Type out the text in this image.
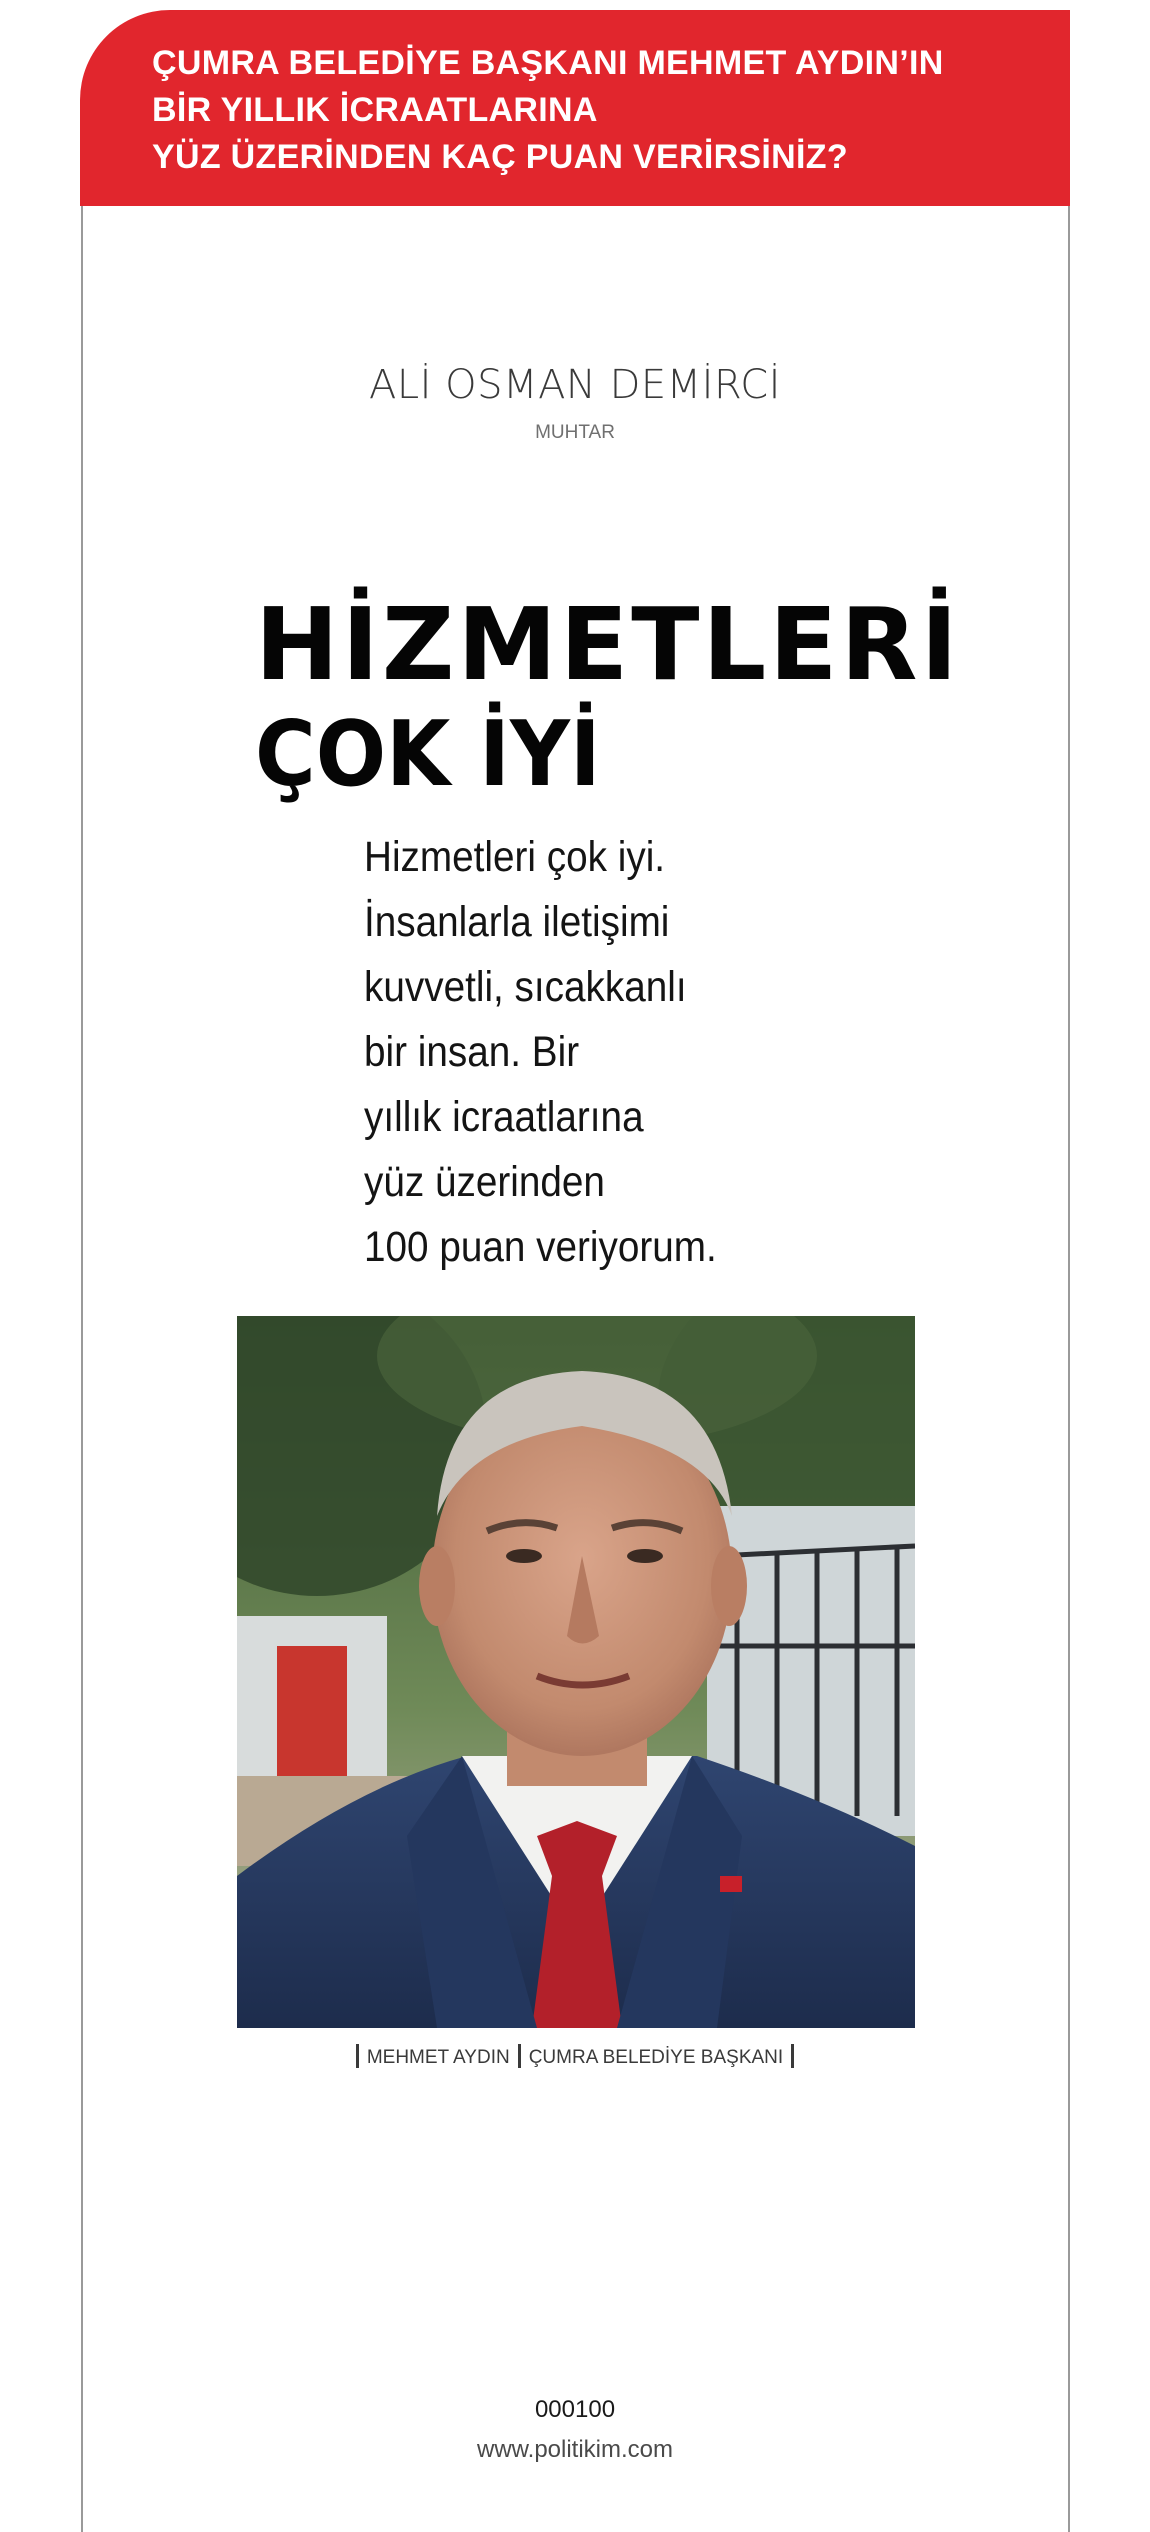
ÇUMRA BELEDİYE BAŞKANI MEHMET AYDIN’IN
BİR YILLIK İCRAATLARINA
YÜZ ÜZERİNDEN KAÇ PUAN VERİRSİNİZ?
ALİ OSMAN DEMİRCİ
MUHTAR
HİZMETLERİ
ÇOK İYİ
Hizmetleri çok iyi.
İnsanlarla iletişimi
kuvvetli, sıcakkanlı
bir insan. Bir
yıllık icraatlarına
yüz üzerinden
100 puan veriyorum.
MEHMET AYDIN ÇUMRA BELEDİYE BAŞKANI
000100
www.politikim.com
